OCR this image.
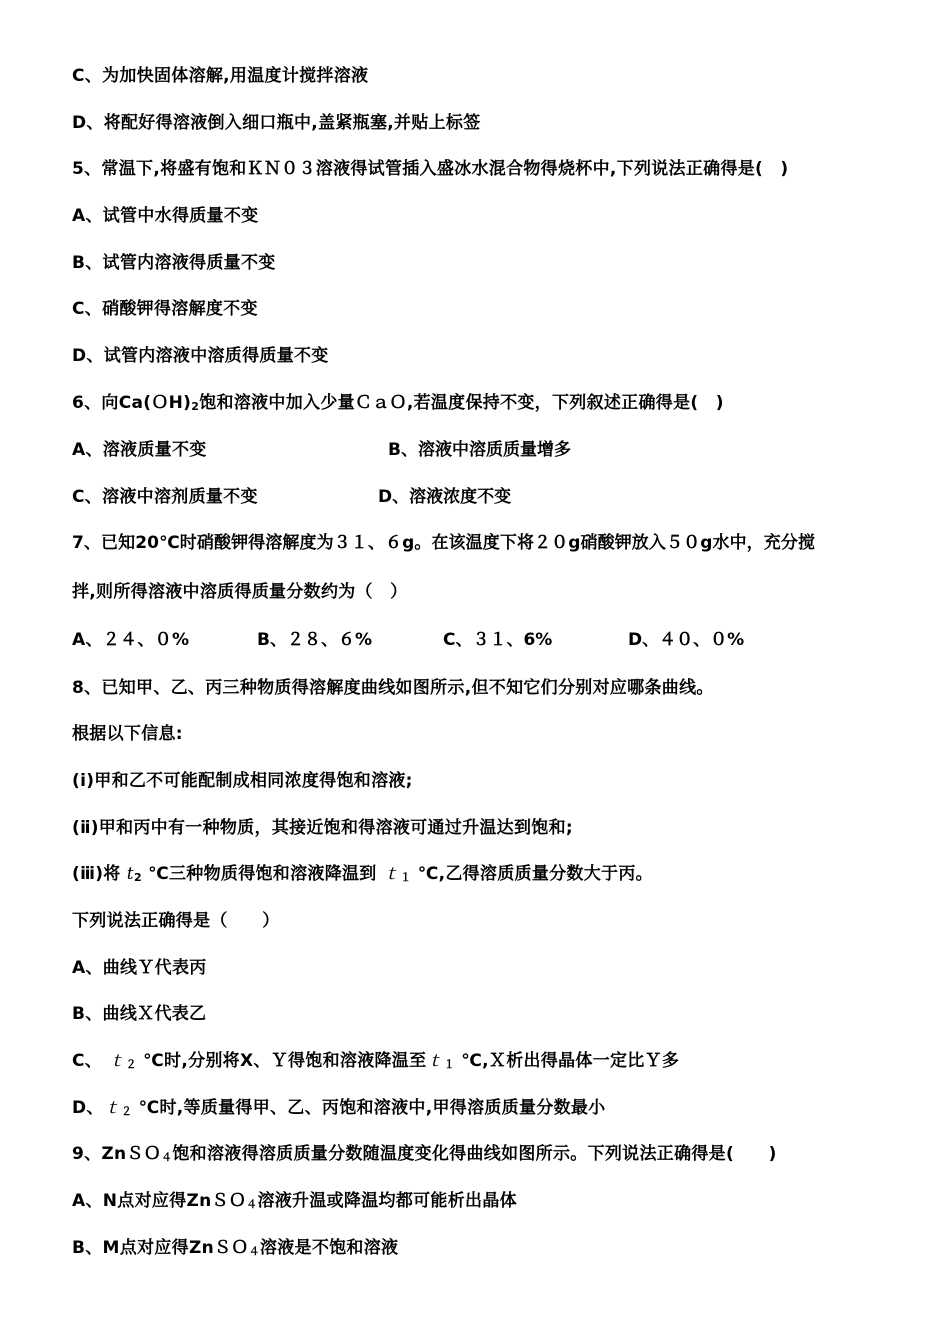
C、为加快固体溶解,用温度计搅拌溶液
D、将配好得溶液倒入细口瓶中,盖紧瓶塞,并贴上标签
5、常温下,将盛有饱和ＫＮ０３溶液得试管插入盛冰水混合物得烧杯中,下列说法正确得是(　)
A、试管中水得质量不变
B、试管内溶液得质量不变
C、硝酸钾得溶解度不变
D、试管内溶液中溶质得质量不变
6、向$Ca(OH)_2$饱和溶液中加入少量ＣａＯ,若温度保持不变，下列叙述正确得是(　)
A、溶液质量不变	B、溶液中溶质质量增多
C、溶液中溶剂质量不变	D、溶液浓度不变
7、已知20℃时硝酸钾得溶解度为３１、６g。在该温度下将２０g硝酸钾放入５０g水中，充分搅
拌,则所得溶液中溶质得质量分数约为（　）
A、２４、０%	B、２８、６%	C、３１、6%	D、４０、０%
8、已知甲、乙、丙三种物质得溶解度曲线如图所示,但不知它们分别对应哪条曲线。
根据以下信息:
(ⅰ)甲和乙不可能配制成相同浓度得饱和溶液;
(ⅱ)甲和丙中有一种物质，其接近饱和得溶液可通过升温达到饱和;
(ⅲ)将 $t_2$ ℃三种物质得饱和溶液降温到 ｔ$_1$ ℃,乙得溶质质量分数大于丙。
下列说法正确得是（　　）
A、曲线Ｙ代表丙
B、曲线Ｘ代表乙
C、 ｔ$_2$ ℃时,分别将X、Ｙ得饱和溶液降温至ｔ$_1$ ℃,Ｘ析出得晶体一定比Ｙ多
D、ｔ$_2$ ℃时,等质量得甲、乙、丙饱和溶液中,甲得溶质质量分数最小
9、ZnＳＯ$_4$饱和溶液得溶质质量分数随温度变化得曲线如图所示。下列说法正确得是(　　)
A、N点对应得ZnＳＯ$_4$溶液升温或降温均都可能析出晶体
B、M点对应得ZnＳＯ$_4$溶液是不饱和溶液
